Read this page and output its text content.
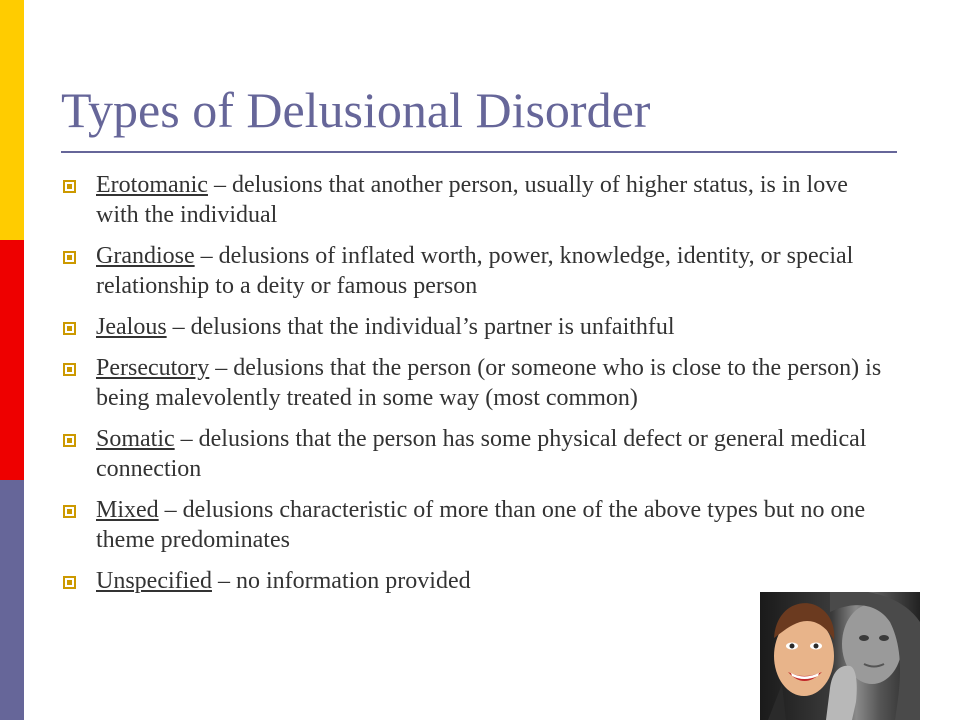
Types of Delusional Disorder
Erotomanic – delusions that another person, usually of higher status, is in love with the individual
Grandiose – delusions of inflated worth, power, knowledge, identity, or special relationship to a deity or famous person
Jealous – delusions that the individual’s partner is unfaithful
Persecutory – delusions that the person (or someone who is close to the person) is being malevolently treated in some way (most common)
Somatic – delusions that the person has some physical defect or general medical connection
Mixed – delusions characteristic of more than one of the above types but no one theme predominates
Unspecified – no information provided
